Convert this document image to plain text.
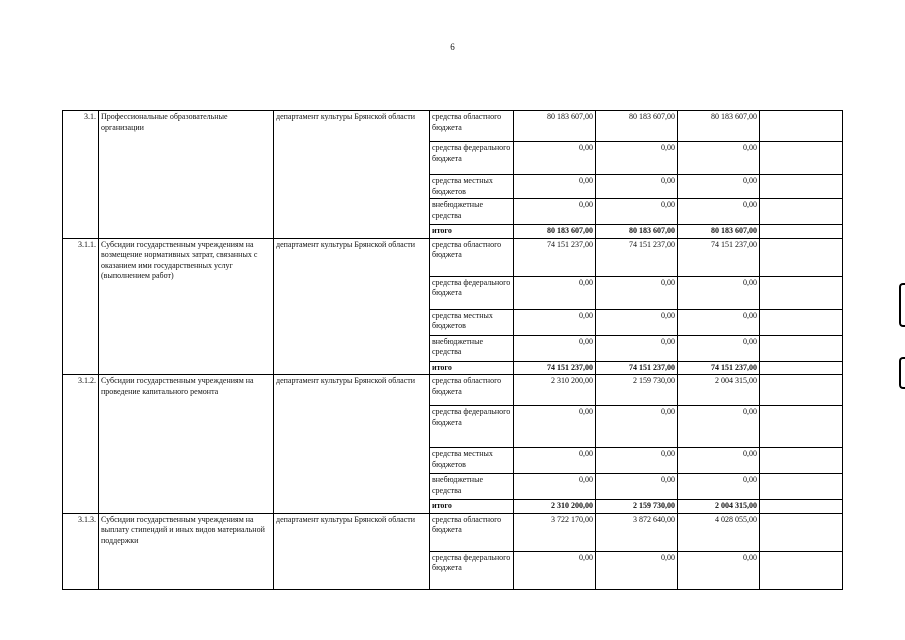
6
3.1.	Профессиональные образовательные организации	департамент культуры Брянской области	средства областного бюджета	80 183 607,00	80 183 607,00	80 183 607,00	
			средства федерального бюджета	0,00	0,00	0,00	
			средства местных бюджетов	0,00	0,00	0,00	
			внебюджетные средства	0,00	0,00	0,00	
			итого	80 183 607,00	80 183 607,00	80 183 607,00	
3.1.1.	Субсидии государственным учреждениям на возмещение нормативных затрат, связанных с оказанием ими государственных услуг (выполнением работ)	департамент культуры Брянской области	средства областного бюджета	74 151 237,00	74 151 237,00	74 151 237,00	
			средства федерального бюджета	0,00	0,00	0,00	
			средства местных бюджетов	0,00	0,00	0,00	
			внебюджетные средства	0,00	0,00	0,00	
			итого	74 151 237,00	74 151 237,00	74 151 237,00	
3.1.2.	Субсидии государственным учреждениям на проведение капитального ремонта	департамент культуры Брянской области	средства областного бюджета	2 310 200,00	2 159 730,00	2 004 315,00	
			средства федерального бюджета	0,00	0,00	0,00	
			средства местных бюджетов	0,00	0,00	0,00	
			внебюджетные средства	0,00	0,00	0,00	
			итого	2 310 200,00	2 159 730,00	2 004 315,00	
3.1.3.	Субсидии государственным учреждениям на выплату стипендий и иных видов материальной поддержки	департамент культуры Брянской области	средства областного бюджета	3 722 170,00	3 872 640,00	4 028 055,00	
			средства федерального бюджета	0,00	0,00	0,00	
